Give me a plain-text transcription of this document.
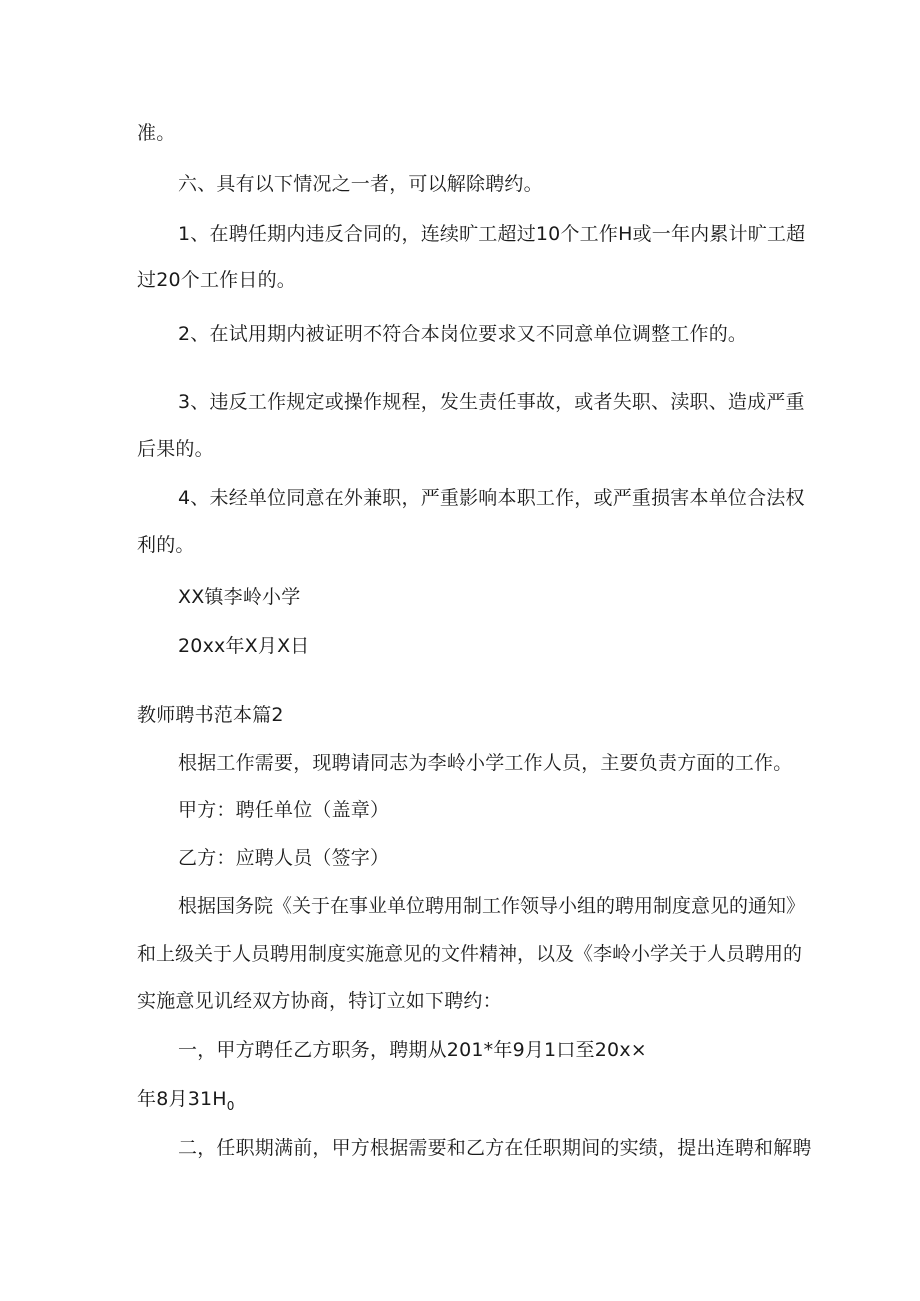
准。

六、具有以下情况之一者，可以解除聘约。

1、在聘任期内违反合同的，连续旷工超过10个工作H或一年内累计旷工超

过20个工作日的。

2、在试用期内被证明不符合本岗位要求又不同意单位调整工作的。

3、违反工作规定或操作规程，发生责任事故，或者失职、渎职、造成严重

后果的。

4、未经单位同意在外兼职，严重影响本职工作，或严重损害本单位合法权

利的。

XX镇李岭小学

20xx年X月X日

教师聘书范本篇2

根据工作需要，现聘请同志为李岭小学工作人员，主要负责方面的工作。

甲方：聘任单位（盖章）

乙方：应聘人员（签字）

根据国务院《关于在事业单位聘用制工作领导小组的聘用制度意见的通知》

和上级关于人员聘用制度实施意见的文件精神，以及《李岭小学关于人员聘用的

实施意见讥经双方协商，特订立如下聘约：

一，甲方聘任乙方职务，聘期从201*年9月1口至20x×

年8月$31H_0$

二，任职期满前，甲方根据需要和乙方在任职期间的实绩，提出连聘和解聘
